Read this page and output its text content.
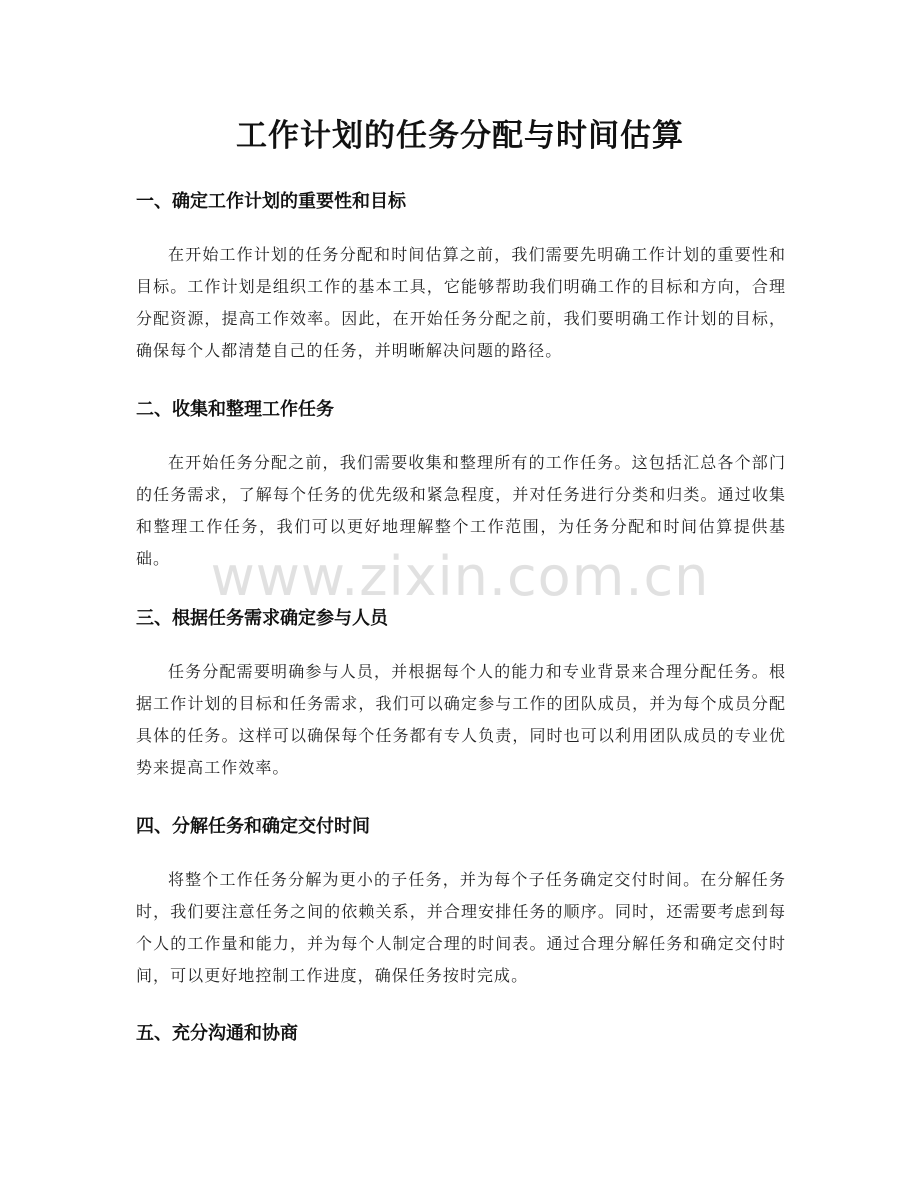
工作计划的任务分配与时间估算
一、确定工作计划的重要性和目标

在开始工作计划的任务分配和时间估算之前，我们需要先明确工作计划的重要性和目标。工作计划是组织工作的基本工具，它能够帮助我们明确工作的目标和方向，合理分配资源，提高工作效率。因此，在开始任务分配之前，我们要明确工作计划的目标，确保每个人都清楚自己的任务，并明晰解决问题的路径。

二、收集和整理工作任务

在开始任务分配之前，我们需要收集和整理所有的工作任务。这包括汇总各个部门的任务需求，了解每个任务的优先级和紧急程度，并对任务进行分类和归类。通过收集和整理工作任务，我们可以更好地理解整个工作范围，为任务分配和时间估算提供基础。

三、根据任务需求确定参与人员

任务分配需要明确参与人员，并根据每个人的能力和专业背景来合理分配任务。根据工作计划的目标和任务需求，我们可以确定参与工作的团队成员，并为每个成员分配具体的任务。这样可以确保每个任务都有专人负责，同时也可以利用团队成员的专业优势来提高工作效率。

四、分解任务和确定交付时间

将整个工作任务分解为更小的子任务，并为每个子任务确定交付时间。在分解任务时，我们要注意任务之间的依赖关系，并合理安排任务的顺序。同时，还需要考虑到每个人的工作量和能力，并为每个人制定合理的时间表。通过合理分解任务和确定交付时间，可以更好地控制工作进度，确保任务按时完成。

五、充分沟通和协商
www.zixin.com.cn
